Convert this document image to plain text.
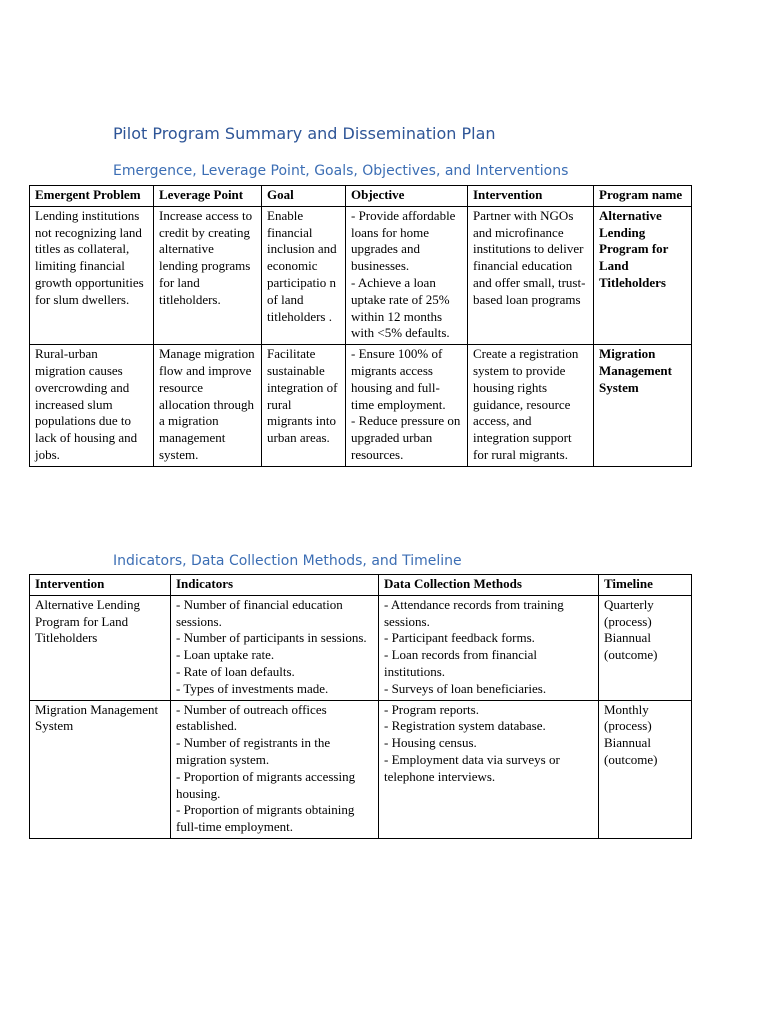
Pilot Program Summary and Dissemination Plan
Emergence, Leverage Point, Goals, Objectives, and Interventions
Emergent Problem	Leverage Point	Goal	Objective	Intervention	Program name
Lending institutions not recognizing land titles as collateral, limiting financial growth opportunities for slum dwellers.	Increase access to credit by creating alternative lending programs for land titleholders.	Enable financial inclusion and economic participatio n of land titleholders .	- Provide affordable loans for home upgrades and businesses.
- Achieve a loan uptake rate of 25% within 12 months with <5% defaults.	Partner with NGOs and microfinance institutions to deliver financial education and offer small, trust-based loan programs	Alternative Lending Program for Land Titleholders
Rural-urban migration causes overcrowding and increased slum populations due to lack of housing and jobs.	Manage migration flow and improve resource allocation through a migration management system.	Facilitate sustainable integration of rural migrants into urban areas.	- Ensure 100% of migrants access housing and full-time employment.
- Reduce pressure on upgraded urban resources.	Create a registration system to provide housing rights guidance, resource access, and integration support for rural migrants.	Migration Management System
Indicators, Data Collection Methods, and Timeline
Intervention	Indicators	Data Collection Methods	Timeline
Alternative Lending Program for Land Titleholders	- Number of financial education sessions.
- Number of participants in sessions.
- Loan uptake rate.
- Rate of loan defaults.
- Types of investments made.	- Attendance records from training sessions.
- Participant feedback forms.
- Loan records from financial institutions.
- Surveys of loan beneficiaries.	Quarterly (process)
Biannual (outcome)
Migration Management System	- Number of outreach offices established.
- Number of registrants in the migration system.
- Proportion of migrants accessing housing.
- Proportion of migrants obtaining full-time employment.	- Program reports.
- Registration system database.
- Housing census.
- Employment data via surveys or telephone interviews.	Monthly (process)
Biannual (outcome)
